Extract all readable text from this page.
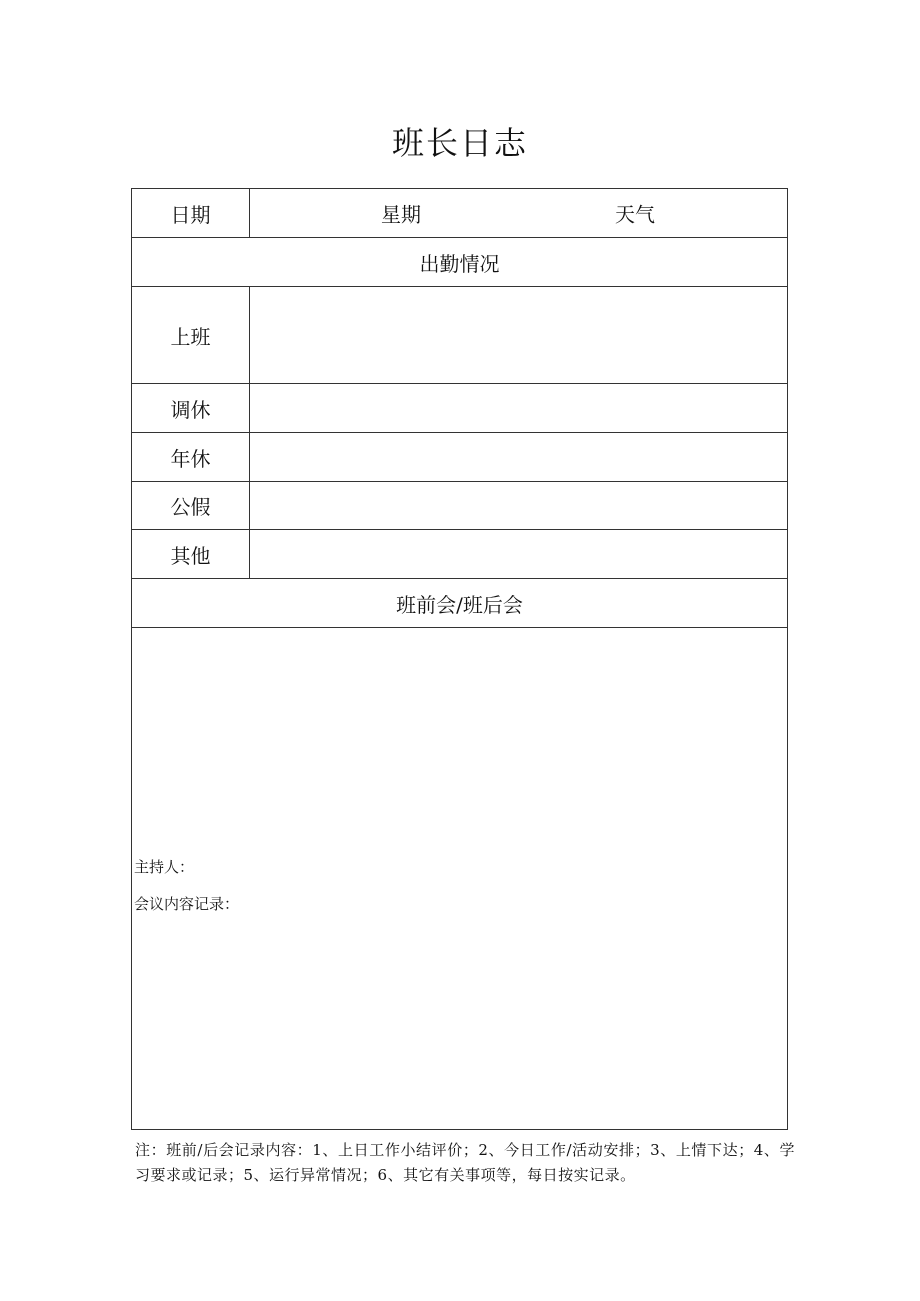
班长日志
日期	星期 天气

出勤情况	
上班	
调休	
年休	
公假	
其他	
班前会/班后会	

主持人：
会议内容记录：	
注：班前/后会记录内容：1、上日工作小结评价；2、今日工作/活动安排；3、上情下达；4、学习要求或记录；5、运行异常情况；6、其它有关事项等，每日按实记录。
